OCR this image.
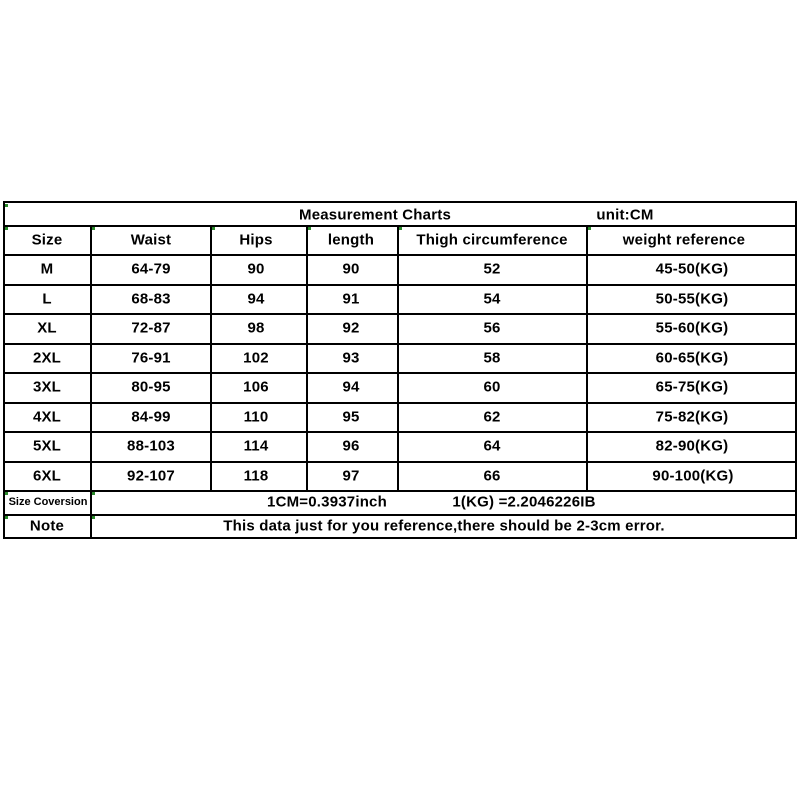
Measurement Charts	unit:CM
Size	Waist	Hips	length	Thigh circumference	weight reference
M	64-79	90	90	52	45-50(KG)
L	68-83	94	91	54	50-55(KG)
XL	72-87	98	92	56	55-60(KG)
2XL	76-91	102	93	58	60-65(KG)
3XL	80-95	106	94	60	65-75(KG)
4XL	84-99	110	95	62	75-82(KG)
5XL	88-103	114	96	64	82-90(KG)
6XL	92-107	118	97	66	90-100(KG)
Size Coversion	1CM=0.3937inch	1(KG) =2.2046226IB
Note	This data just for you reference,there should be 2-3cm error.
